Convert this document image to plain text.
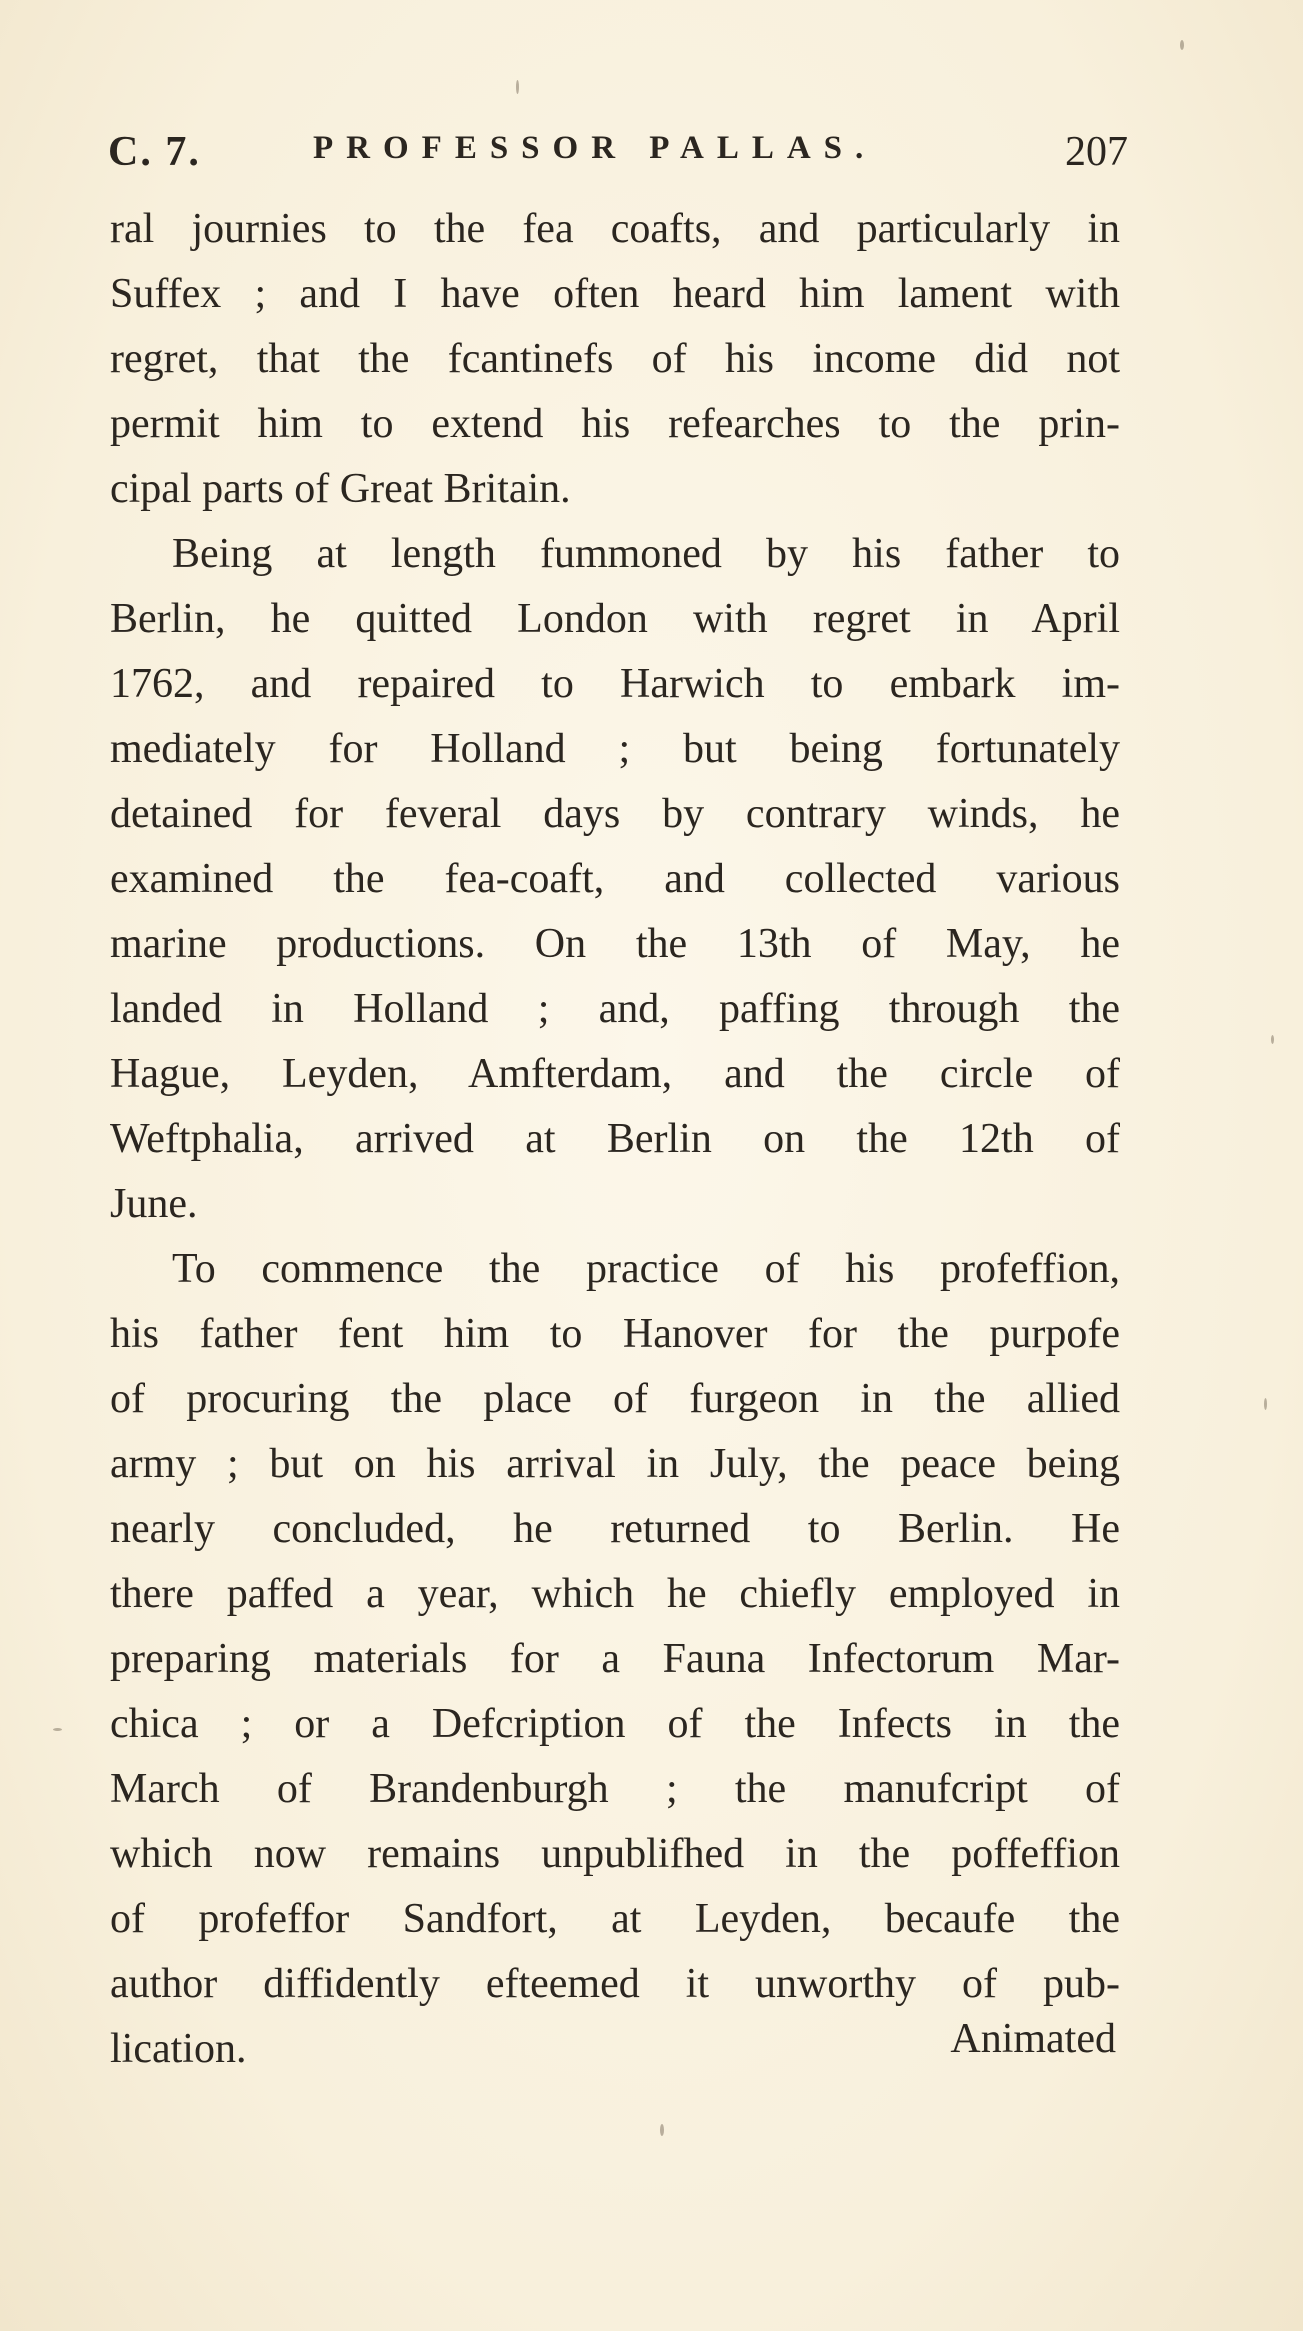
C. 7.	PROFESSOR PALLAS.	207
ral journies to the fea coafts, and particularly in
Suffex ; and I have often heard him lament with
regret, that the fcantinefs of his income did not
permit him to extend his refearches to the prin-
cipal parts of Great Britain.
Being at length fummoned by his father to
Berlin, he quitted London with regret in April
1762, and repaired to Harwich to embark im-
mediately for Holland ; but being fortunately
detained for feveral days by contrary winds, he
examined the fea-coaft, and collected various
marine productions. On the 13th of May, he
landed in Holland ; and, paffing through the
Hague, Leyden, Amfterdam, and the circle of
Weftphalia, arrived at Berlin on the 12th of
June.
To commence the practice of his profeffion,
his father fent him to Hanover for the purpofe
of procuring the place of furgeon in the allied
army ; but on his arrival in July, the peace being
nearly concluded, he returned to Berlin. He
there paffed a year, which he chiefly employed in
preparing materials for a Fauna Infectorum Mar-
chica ; or a Defcription of the Infects in the
March of Brandenburgh ; the manufcript of
which now remains unpublifhed in the poffeffion
of profeffor Sandfort, at Leyden, becaufe the
author diffidently efteemed it unworthy of pub-
lication.	Animated
